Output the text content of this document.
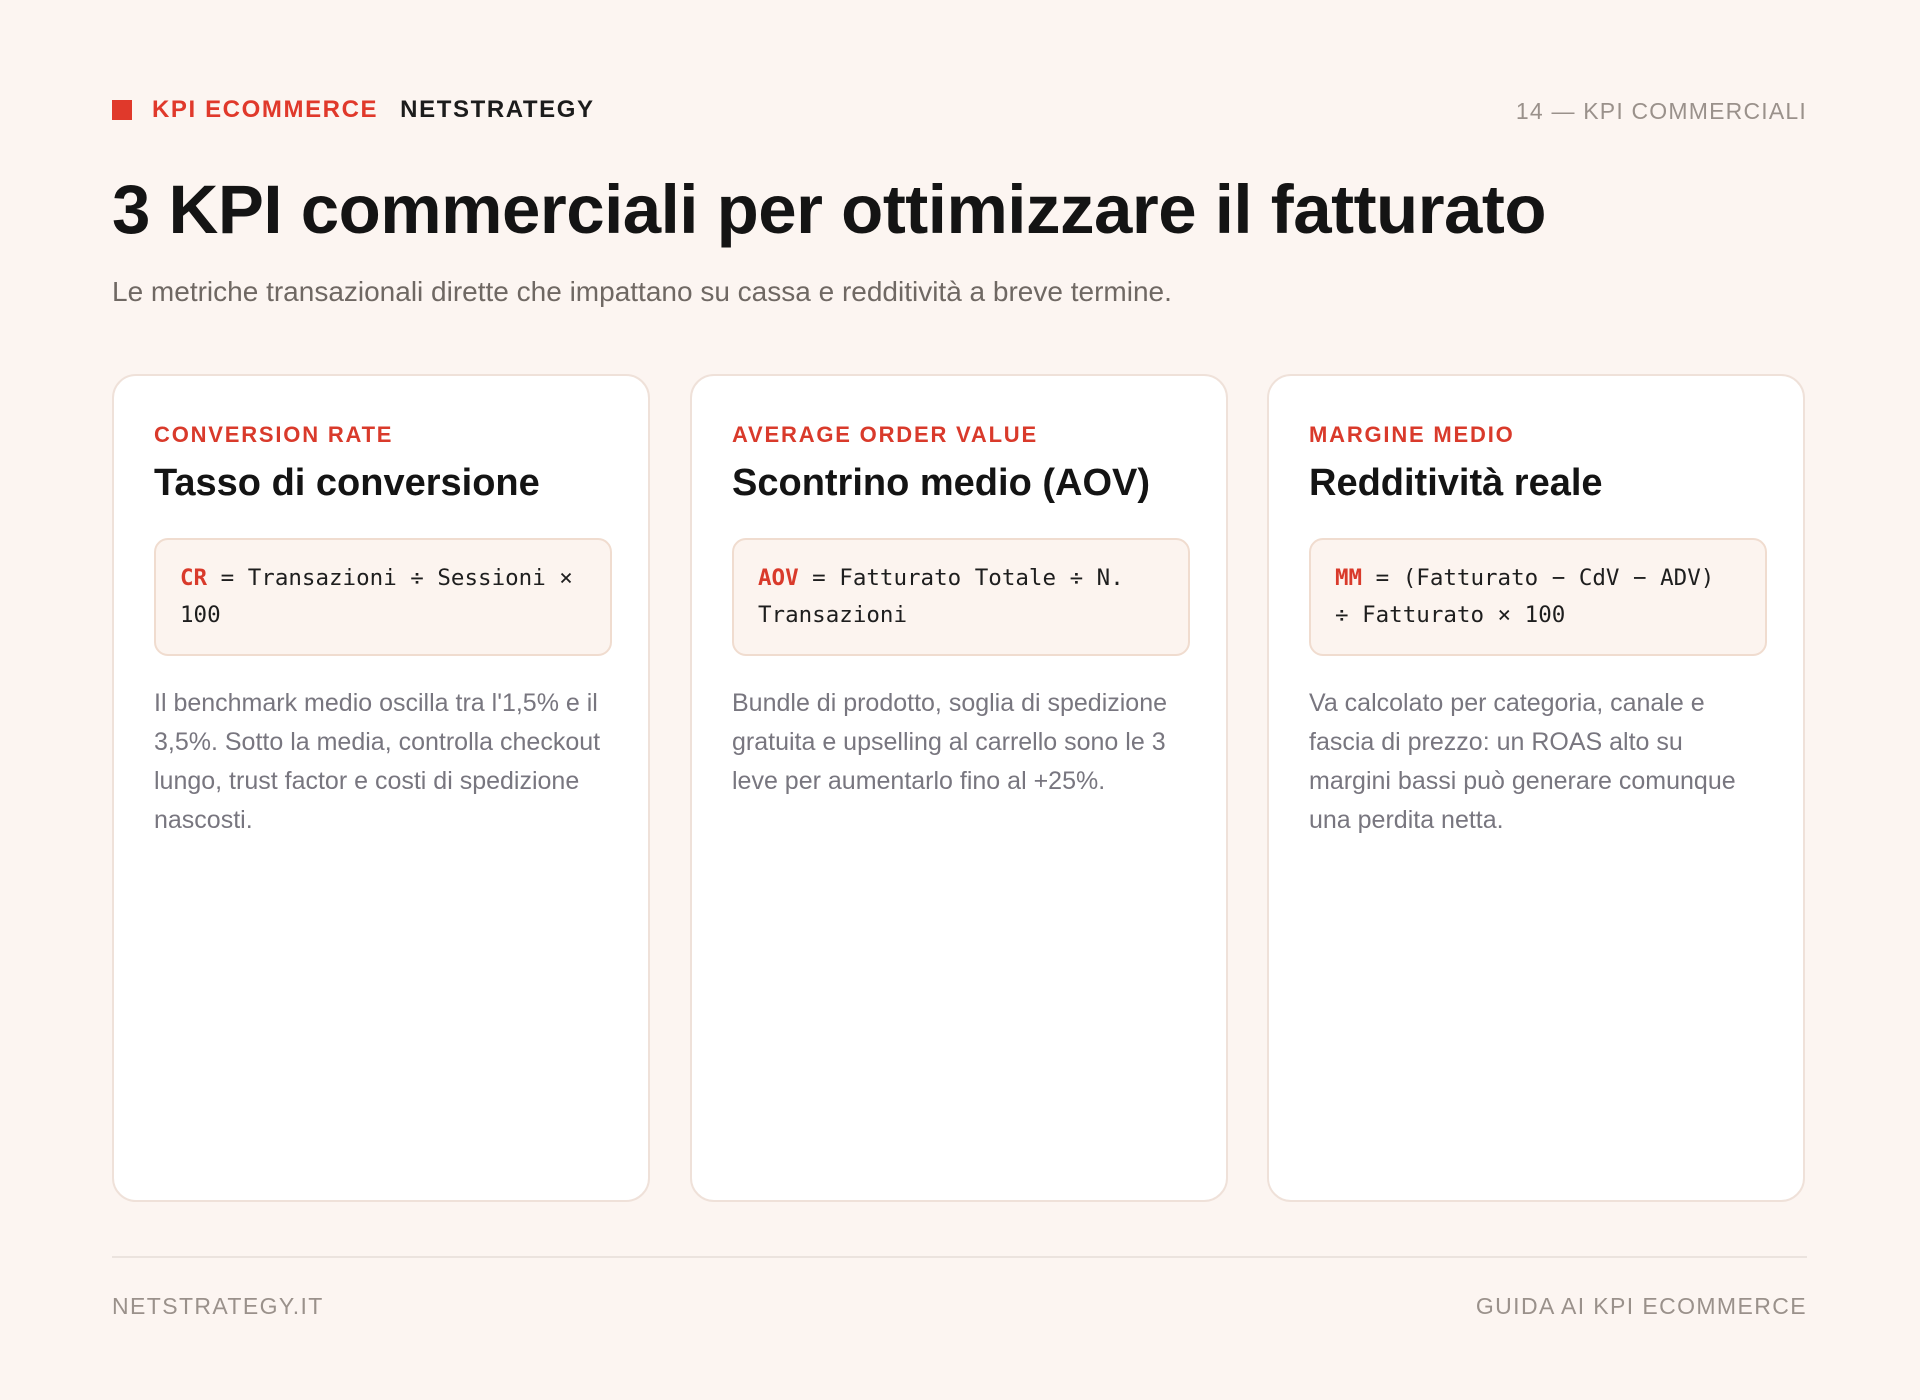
KPI ECOMMERCE NETSTRATEGY	14 — KPI COMMERCIALI
3 KPI commerciali per ottimizzare il fatturato
Le metriche transazionali dirette che impattano su cassa e redditività a breve termine.
CONVERSION RATE
Tasso di conversione
CR = Transazioni ÷ Sessioni × 100
Il benchmark medio oscilla tra l'1,5% e il 3,5%. Sotto la media, controlla checkout lungo, trust factor e costi di spedizione nascosti.
AVERAGE ORDER VALUE
Scontrino medio (AOV)
AOV = Fatturato Totale ÷ N. Transazioni
Bundle di prodotto, soglia di spedizione gratuita e upselling al carrello sono le 3 leve per aumentarlo fino al +25%.
MARGINE MEDIO
Redditività reale
MM = (Fatturato − CdV − ADV) ÷ Fatturato × 100
Va calcolato per categoria, canale e fascia di prezzo: un ROAS alto su margini bassi può generare comunque una perdita netta.
NETSTRATEGY.IT	GUIDA AI KPI ECOMMERCE
